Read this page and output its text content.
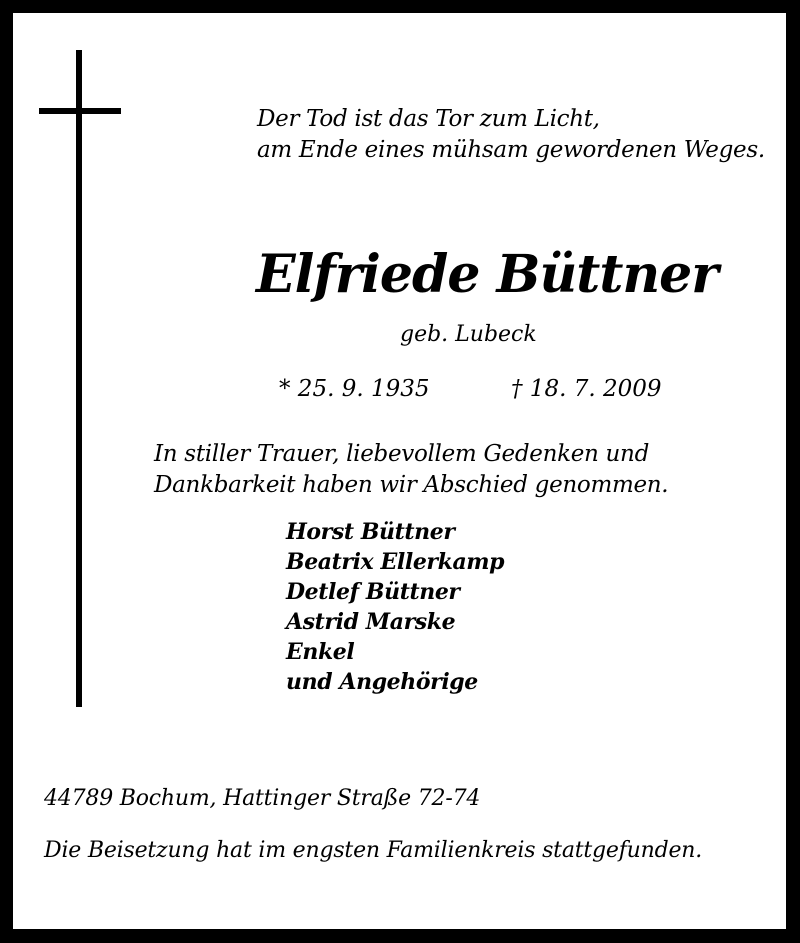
Der Tod ist das Tor zum Licht,
am Ende eines mühsam gewordenen Weges.
Elfriede Büttner
geb. Lubeck
* 25. 9. 1935	† 18. 7. 2009
In stiller Trauer, liebevollem Gedenken und
Dankbarkeit haben wir Abschied genommen.
Horst Büttner
Beatrix Ellerkamp
Detlef Büttner
Astrid Marske
Enkel
und Angehörige
44789 Bochum, Hattinger Straße 72-74
Die Beisetzung hat im engsten Familienkreis stattgefunden.
